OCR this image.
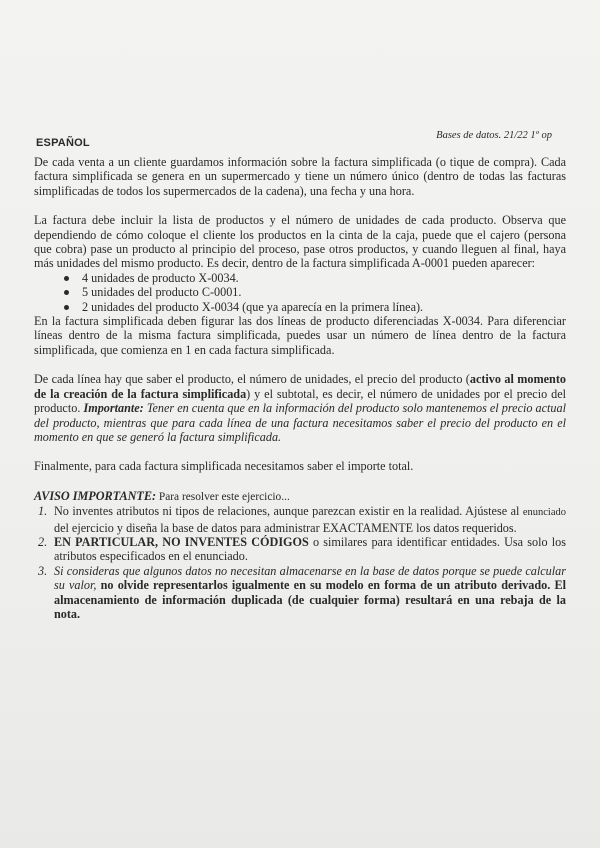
ESPAÑOL
Bases de datos. 21/22 1º op

De cada venta a un cliente guardamos información sobre la factura simplificada (o tique de compra). Cada factura simplificada se genera en un supermercado y tiene un número único (dentro de todas las facturas simplificadas de todos los supermercados de la cadena), una fecha y una hora.

La factura debe incluir la lista de productos y el número de unidades de cada producto. Observa que dependiendo de cómo coloque el cliente los productos en la cinta de la caja, puede que el cajero (persona que cobra) pase un producto al principio del proceso, pase otros productos, y cuando lleguen al final, haya más unidades del mismo producto. Es decir, dentro de la factura simplificada A-0001 pueden aparecer:

4 unidades de producto X-0034.
5 unidades del producto C-0001.
2 unidades del producto X-0034 (que ya aparecía en la primera línea).

En la factura simplificada deben figurar las dos líneas de producto diferenciadas X-0034. Para diferenciar líneas dentro de la misma factura simplificada, puedes usar un número de línea dentro de la factura simplificada, que comienza en 1 en cada factura simplificada.

De cada línea hay que saber el producto, el número de unidades, el precio del producto (activo al momento de la creación de la factura simplificada) y el subtotal, es decir, el número de unidades por el precio del producto. Importante: Tener en cuenta que en la información del producto solo mantenemos el precio actual del producto, mientras que para cada línea de una factura necesitamos saber el precio del producto en el momento en que se generó la factura simplificada.

Finalmente, para cada factura simplificada necesitamos saber el importe total.

AVISO IMPORTANTE: Para resolver este ejercicio...

1. No inventes atributos ni tipos de relaciones, aunque parezcan existir en la realidad. Ajústese al enunciado del ejercicio y diseña la base de datos para administrar EXACTAMENTE los datos requeridos.
2. EN PARTICULAR, NO INVENTES CÓDIGOS o similares para identificar entidades. Usa solo los atributos especificados en el enunciado.
3. Si consideras que algunos datos no necesitan almacenarse en la base de datos porque se puede calcular su valor, no olvide representarlos igualmente en su modelo en forma de un atributo derivado. El almacenamiento de información duplicada (de cualquier forma) resultará en una rebaja de la nota.
